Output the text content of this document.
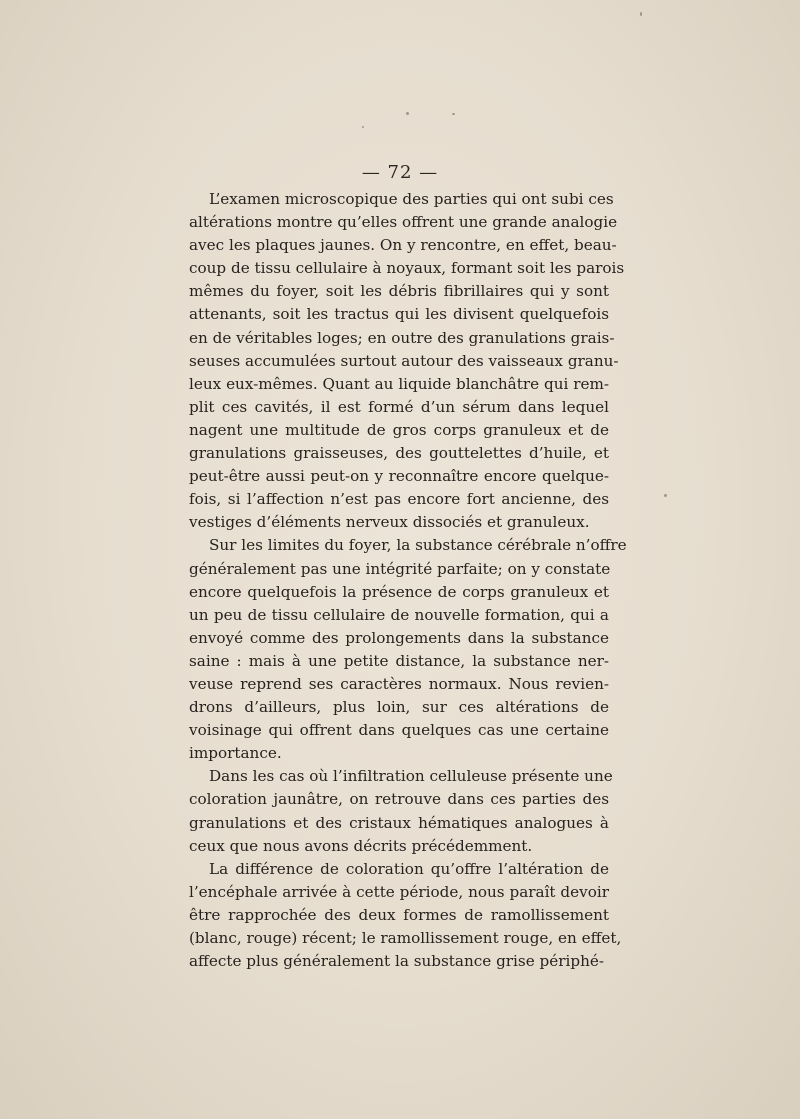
— 72 —
L’examen microscopique des parties qui ont subi ces
altérations montre qu’elles offrent une grande analogie
avec les plaques jaunes. On y rencontre, en effet, beau-
coup de tissu cellulaire à noyaux, formant soit les parois
mêmes du foyer, soit les débris fibrillaires qui y sont
attenants, soit les tractus qui les divisent quelquefois
en de véritables loges; en outre des granulations grais-
seuses accumulées surtout autour des vaisseaux granu-
leux eux-mêmes. Quant au liquide blanchâtre qui rem-
plit ces cavités, il est formé d’un sérum dans lequel
nagent une multitude de gros corps granuleux et de
granulations graisseuses, des gouttelettes d’huile, et
peut-être aussi peut-on y reconnaître encore quelque-
fois, si l’affection n’est pas encore fort ancienne, des
vestiges d’éléments nerveux dissociés et granuleux.
Sur les limites du foyer, la substance cérébrale n’offre
généralement pas une intégrité parfaite; on y constate
encore quelquefois la présence de corps granuleux et
un peu de tissu cellulaire de nouvelle formation, qui a
envoyé comme des prolongements dans la substance
saine : mais à une petite distance, la substance ner-
veuse reprend ses caractères normaux. Nous revien-
drons d’ailleurs, plus loin, sur ces altérations de
voisinage qui offrent dans quelques cas une certaine
importance.
Dans les cas où l’infiltration celluleuse présente une
coloration jaunâtre, on retrouve dans ces parties des
granulations et des cristaux hématiques analogues à
ceux que nous avons décrits précédemment.
La différence de coloration qu’offre l’altération de
l’encéphale arrivée à cette période, nous paraît devoir
être rapprochée des deux formes de ramollissement
(blanc, rouge) récent; le ramollissement rouge, en effet,
affecte plus généralement la substance grise périphé-
